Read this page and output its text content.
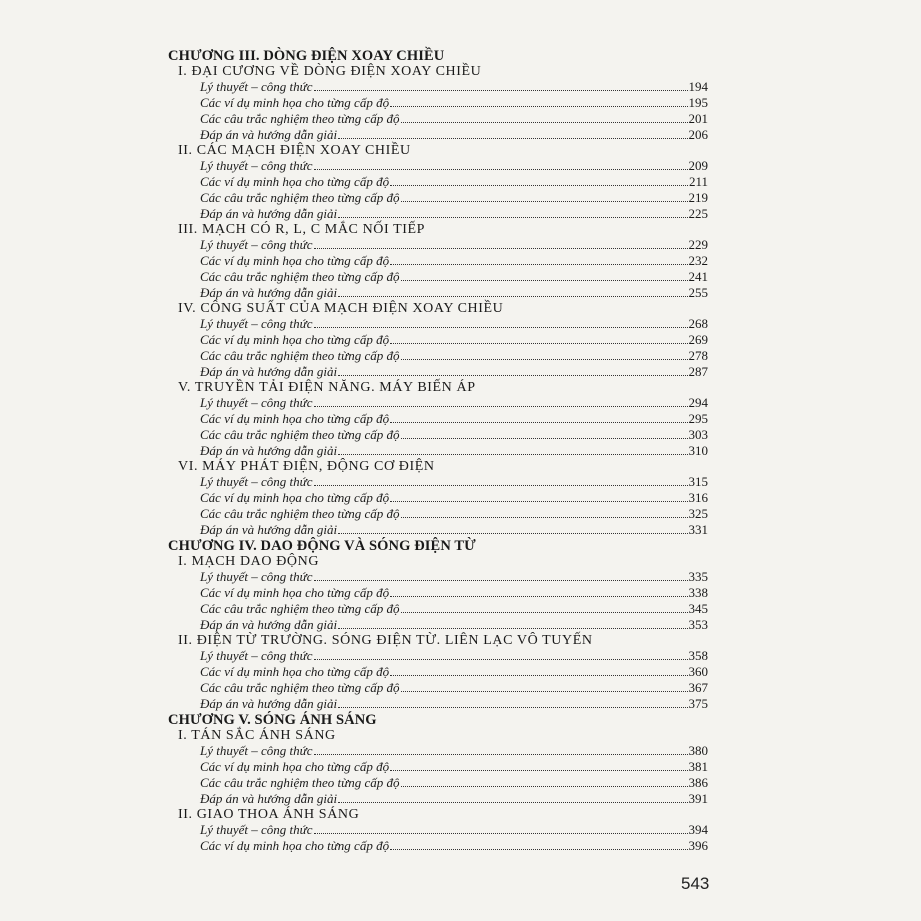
CHƯƠNG III. DÒNG ĐIỆN XOAY CHIỀU
I. ĐẠI CƯƠNG VỀ DÒNG ĐIỆN XOAY CHIỀU
Lý thuyết – công thức	194
Các ví dụ minh họa cho từng cấp độ	195
Các câu trắc nghiệm theo từng cấp độ	201
Đáp án và hướng dẫn giải	206
II. CÁC MẠCH ĐIỆN XOAY CHIỀU
Lý thuyết – công thức	209
Các ví dụ minh họa cho từng cấp độ	211
Các câu trắc nghiệm theo từng cấp độ	219
Đáp án và hướng dẫn giải	225
III. MẠCH CÓ R, L, C MẮC NỐI TIẾP
Lý thuyết – công thức	229
Các ví dụ minh họa cho từng cấp độ	232
Các câu trắc nghiệm theo từng cấp độ	241
Đáp án và hướng dẫn giải	255
IV. CÔNG SUẤT CỦA MẠCH ĐIỆN XOAY CHIỀU
Lý thuyết – công thức	268
Các ví dụ minh họa cho từng cấp độ	269
Các câu trắc nghiệm theo từng cấp độ	278
Đáp án và hướng dẫn giải	287
V. TRUYỀN TẢI ĐIỆN NĂNG. MÁY BIẾN ÁP
Lý thuyết – công thức	294
Các ví dụ minh họa cho từng cấp độ	295
Các câu trắc nghiệm theo từng cấp độ	303
Đáp án và hướng dẫn giải	310
VI. MÁY PHÁT ĐIỆN, ĐỘNG CƠ ĐIỆN
Lý thuyết – công thức	315
Các ví dụ minh họa cho từng cấp độ	316
Các câu trắc nghiệm theo từng cấp độ	325
Đáp án và hướng dẫn giải	331
CHƯƠNG IV. DAO ĐỘNG VÀ SÓNG ĐIỆN TỪ
I. MẠCH DAO ĐỘNG
Lý thuyết – công thức	335
Các ví dụ minh họa cho từng cấp độ	338
Các câu trắc nghiệm theo từng cấp độ	345
Đáp án và hướng dẫn giải	353
II. ĐIỆN TỪ TRƯỜNG. SÓNG ĐIỆN TỪ. LIÊN LẠC VÔ TUYẾN
Lý thuyết – công thức	358
Các ví dụ minh họa cho từng cấp độ	360
Các câu trắc nghiệm theo từng cấp độ	367
Đáp án và hướng dẫn giải	375
CHƯƠNG V. SÓNG ÁNH SÁNG
I. TÁN SẮC ÁNH SÁNG
Lý thuyết – công thức	380
Các ví dụ minh họa cho từng cấp độ	381
Các câu trắc nghiệm theo từng cấp độ	386
Đáp án và hướng dẫn giải	391
II. GIAO THOA ÁNH SÁNG
Lý thuyết – công thức	394
Các ví dụ minh họa cho từng cấp độ	396
543
